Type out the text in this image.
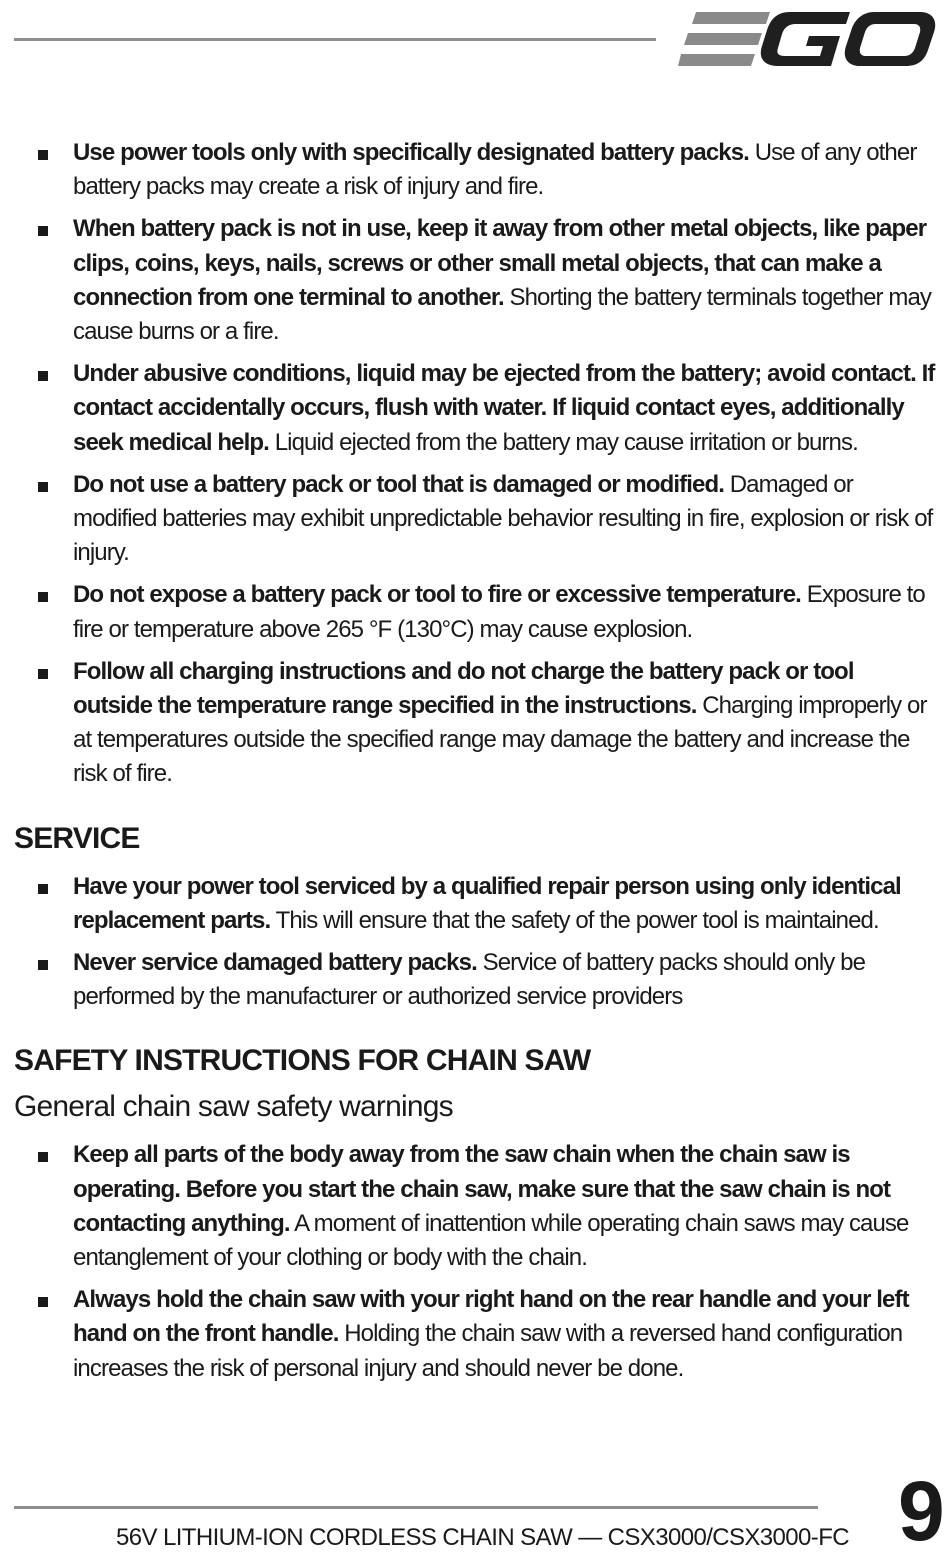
Use power tools only with specifically designated battery packs. Use of any other battery packs may create a risk of injury and fire.
When battery pack is not in use, keep it away from other metal objects, like paper clips, coins, keys, nails, screws or other small metal objects, that can make a connection from one terminal to another. Shorting the battery terminals together may cause burns or a fire.
Under abusive conditions, liquid may be ejected from the battery; avoid contact. If contact accidentally occurs, flush with water. If liquid contact eyes, additionally seek medical help. Liquid ejected from the battery may cause irritation or burns.
Do not use a battery pack or tool that is damaged or modified. Damaged or modified batteries may exhibit unpredictable behavior resulting in fire, explosion or risk of injury.
Do not expose a battery pack or tool to fire or excessive temperature. Exposure to fire or temperature above 265 °F (130°C) may cause explosion.
Follow all charging instructions and do not charge the battery pack or tool outside the temperature range specified in the instructions. Charging improperly or at temperatures outside the specified range may damage the battery and increase the risk of fire.
SERVICE
Have your power tool serviced by a qualified repair person using only identical replacement parts. This will ensure that the safety of the power tool is maintained.
Never service damaged battery packs. Service of battery packs should only be performed by the manufacturer or authorized service providers
SAFETY INSTRUCTIONS FOR CHAIN SAW
General chain saw safety warnings
Keep all parts of the body away from the saw chain when the chain saw is operating. Before you start the chain saw, make sure that the saw chain is not contacting anything. A moment of inattention while operating chain saws may cause entanglement of your clothing or body with the chain.
Always hold the chain saw with your right hand on the rear handle and your left hand on the front handle. Holding the chain saw with a reversed hand configuration increases the risk of personal injury and should never be done.
56V LITHIUM-ION CORDLESS CHAIN SAW — CSX3000/CSX3000-FC 9
